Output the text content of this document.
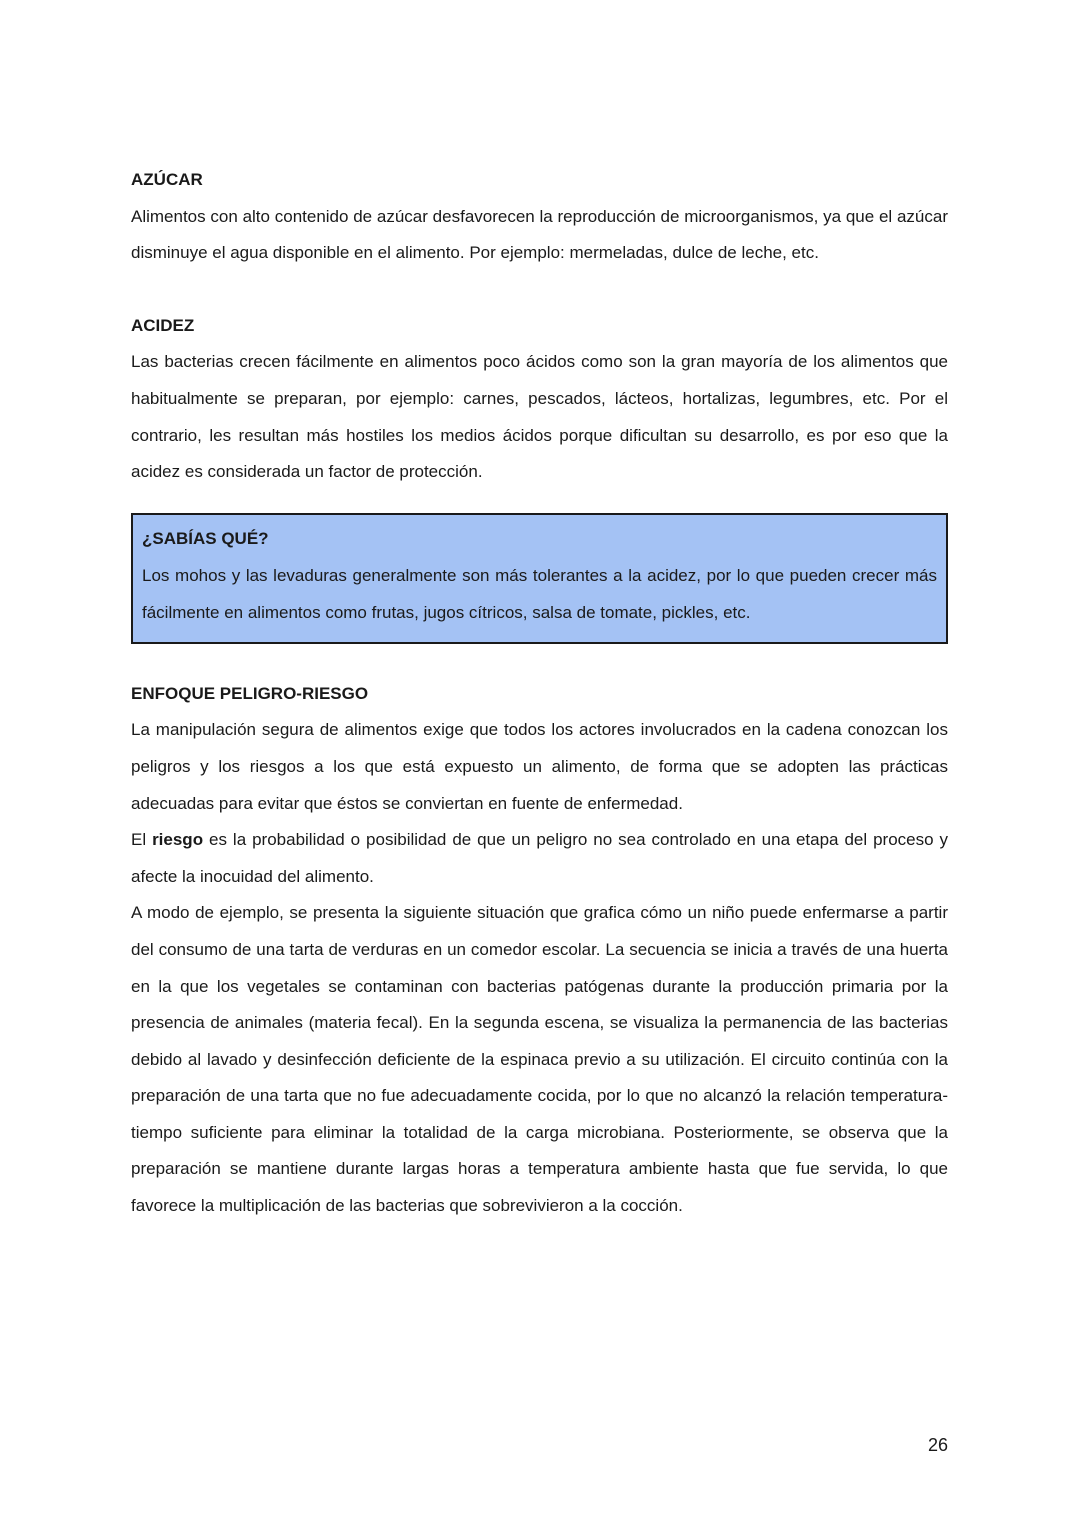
AZÚCAR

Alimentos con alto contenido de azúcar desfavorecen la reproducción de microorganismos, ya que el azúcar disminuye el agua disponible en el alimento. Por ejemplo: mermeladas, dulce de leche, etc.

ACIDEZ

Las bacterias crecen fácilmente en alimentos poco ácidos como son la gran mayoría de los alimentos que habitualmente se preparan, por ejemplo: carnes, pescados, lácteos, hortalizas, legumbres, etc. Por el contrario, les resultan más hostiles los medios ácidos porque dificultan su desarrollo, es por eso que la acidez es considerada un factor de protección.

¿SABÍAS QUÉ?

Los mohos y las levaduras generalmente son más tolerantes a la acidez, por lo que pueden crecer más fácilmente en alimentos como frutas, jugos cítricos, salsa de tomate, pickles, etc.

ENFOQUE PELIGRO-RIESGO

La manipulación segura de alimentos exige que todos los actores involucrados en la cadena conozcan los peligros y los riesgos a los que está expuesto un alimento, de forma que se adopten las prácticas adecuadas para evitar que éstos se conviertan en fuente de enfermedad.

El riesgo es la probabilidad o posibilidad de que un peligro no sea controlado en una etapa del proceso y afecte la inocuidad del alimento.

A modo de ejemplo, se presenta la siguiente situación que grafica cómo un niño puede enfermarse a partir del consumo de una tarta de verduras en un comedor escolar. La secuencia se inicia a través de una huerta en la que los vegetales se contaminan con bacterias patógenas durante la producción primaria por la presencia de animales (materia fecal). En la segunda escena, se visualiza la permanencia de las bacterias debido al lavado y desinfección deficiente de la espinaca previo a su utilización. El circuito continúa con la preparación de una tarta que no fue adecuadamente cocida, por lo que no alcanzó la relación temperatura-tiempo suficiente para eliminar la totalidad de la carga microbiana. Posteriormente, se observa que la preparación se mantiene durante largas horas a temperatura ambiente hasta que fue servida, lo que favorece la multiplicación de las bacterias que sobrevivieron a la cocción.

26
